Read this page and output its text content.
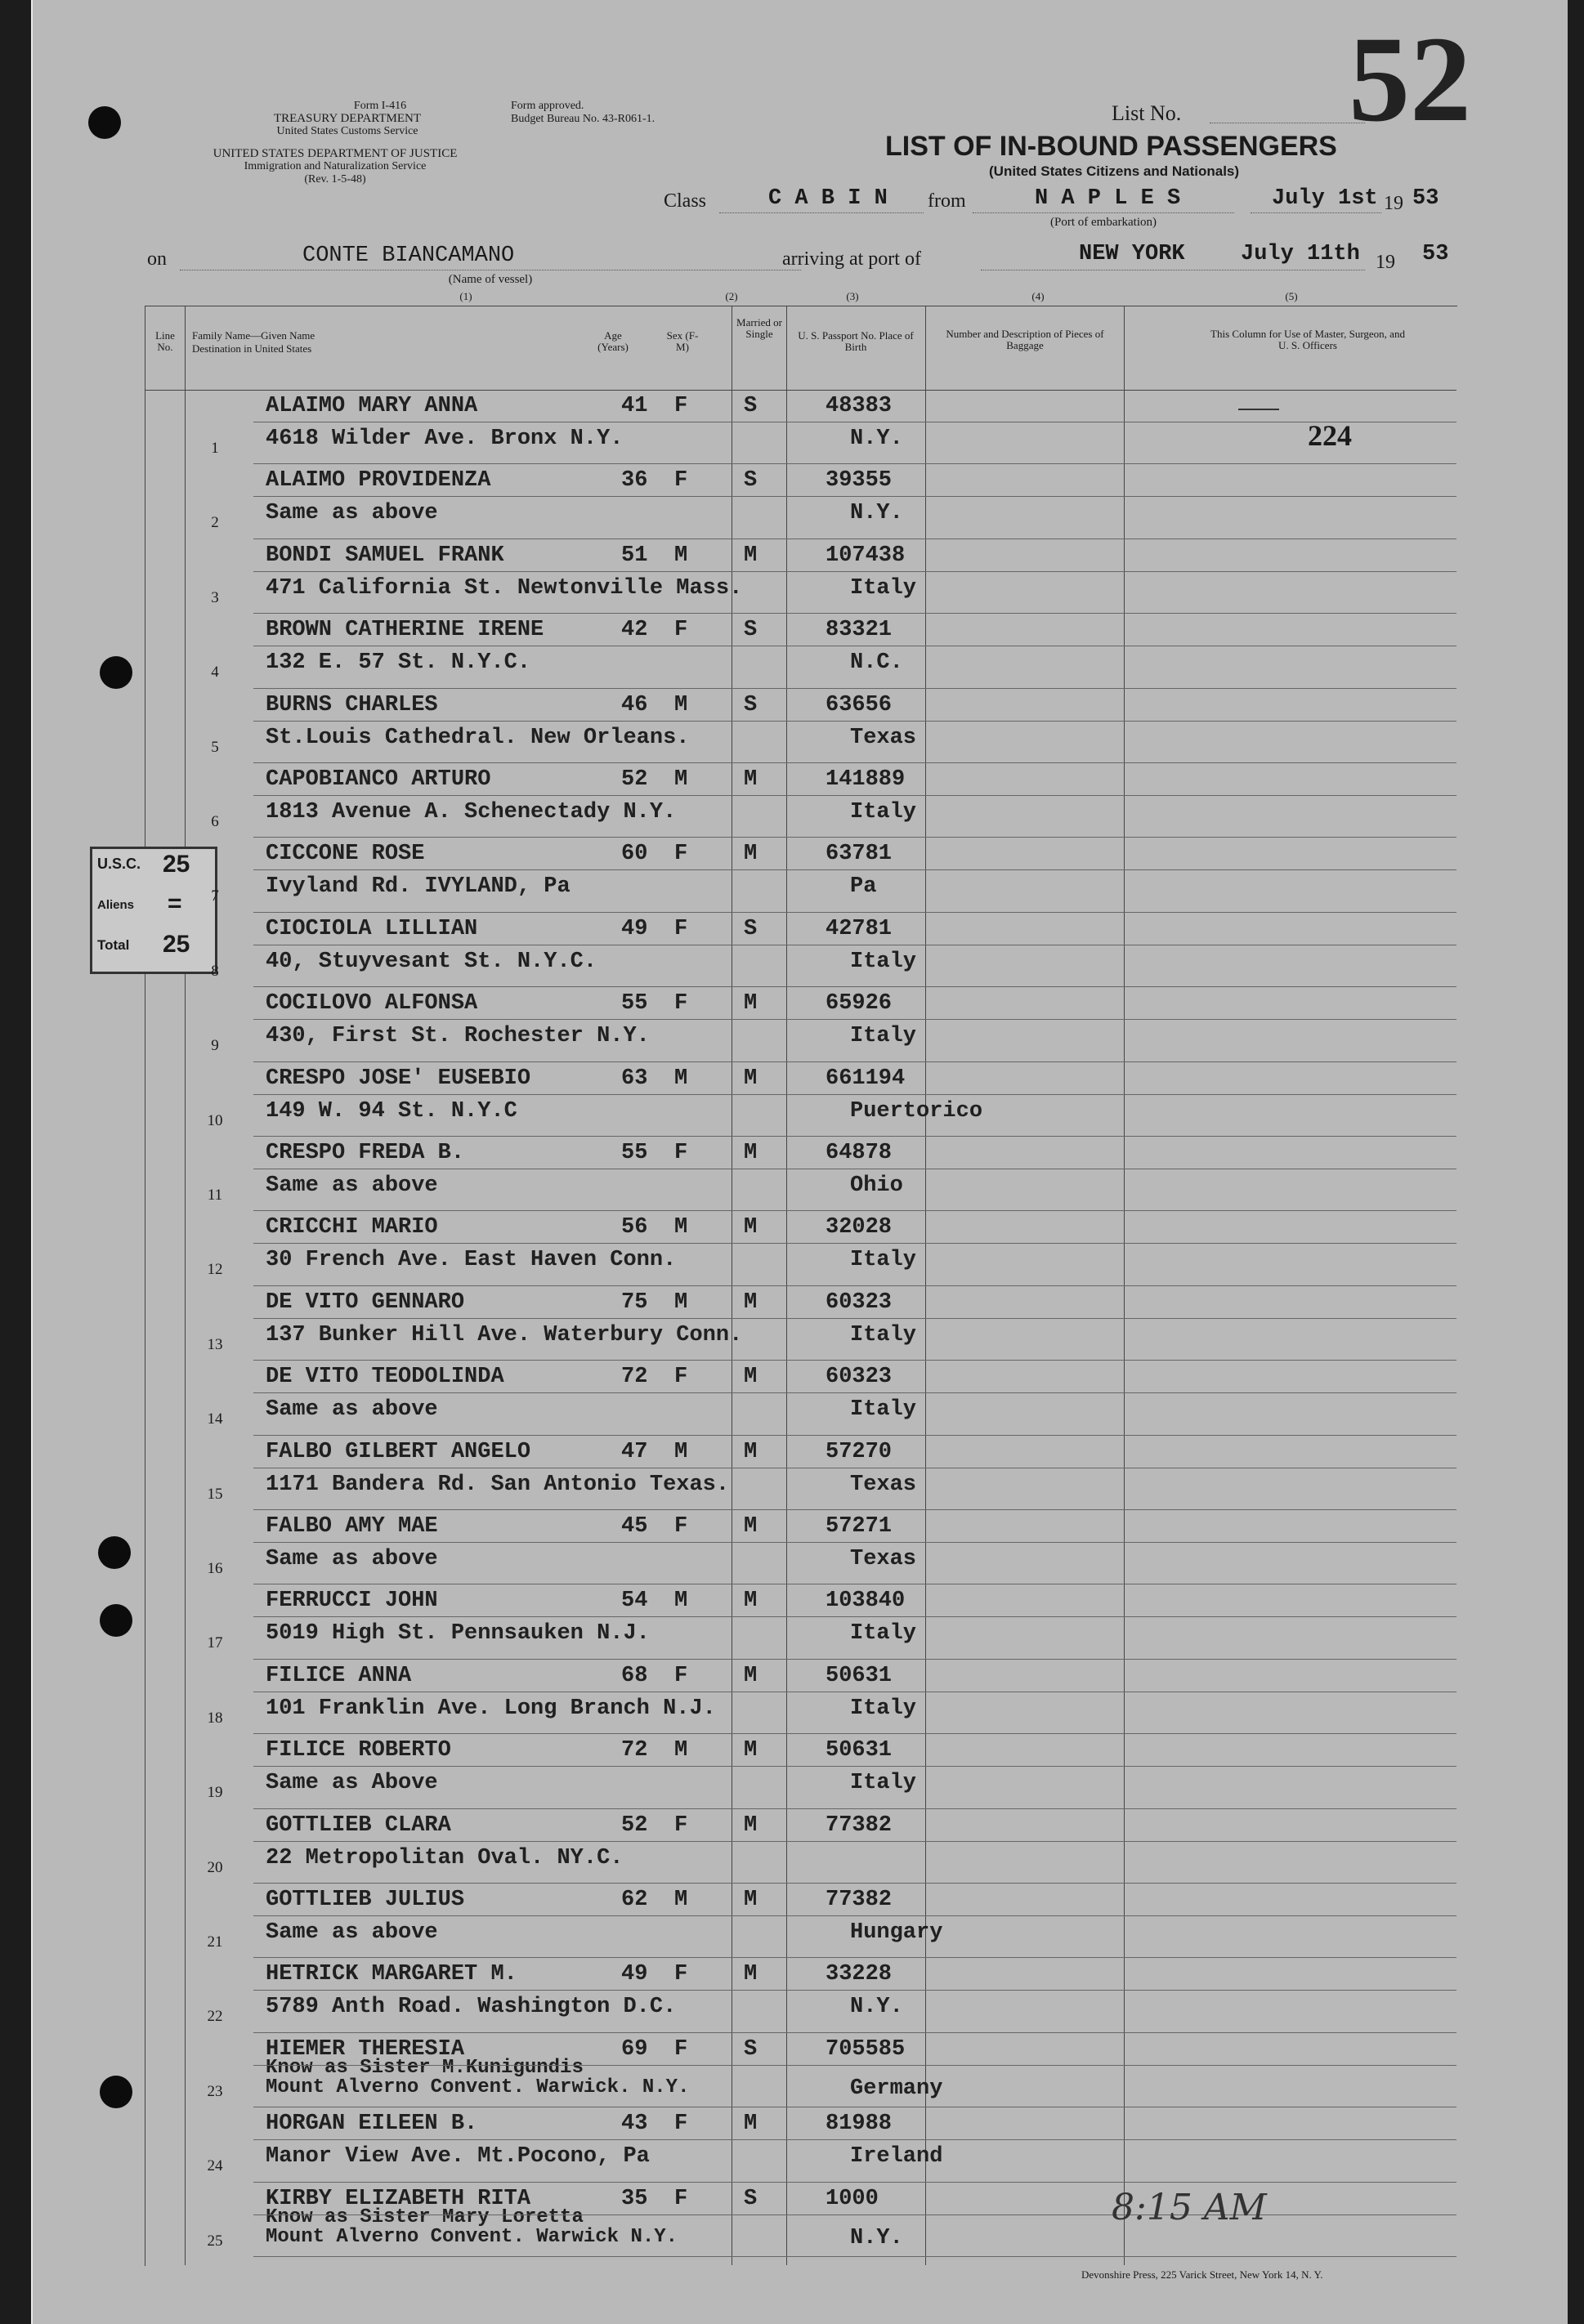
Form I-416
TREASURY DEPARTMENT
United States Customs Service
UNITED STATES DEPARTMENT OF JUSTICE
Immigration and Naturalization Service
(Rev. 1-5-48)
Form approved.
Budget Bureau No. 43-R061-1.	List No. 52
LIST OF IN-BOUND PASSENGERS
(United States Citizens and Nationals)
Class	C A B I N from	N A P L E S
(Port of embarkation)
July 1st 19 53
on	CONTE BIANCAMANO
(Name of vessel)
arriving at port of	NEW YORK	July 11th 19 53
(1)	(2)	(3)	(4)	(5)
Line No.
Family Name—Given Name
Destination in United States
Age (Years)
Sex (F-M)
Married or Single	U. S. Passport No. Place of Birth
Number and Description of Pieces of Baggage
This Column for Use of Master, Surgeon, and U. S. Officers
224
U.S.C. 25
Aliens =
Total 25
ALAIMO MARY ANNA	41 F	S	48383
4618 Wilder Ave. Bronx N.Y.	N.Y.
1
ALAIMO PROVIDENZA	36 F	S	39355
Same as above	N.Y.
2
BONDI SAMUEL FRANK	51 M	M	107438
471 California St. Newtonville Mass.	Italy
3
BROWN CATHERINE IRENE	42 F	S	83321
132 E. 57 St. N.Y.C.	N.C.
4
BURNS CHARLES	46 M	S	63656
St.Louis Cathedral. New Orleans.	Texas
5
CAPOBIANCO ARTURO	52 M	M	141889
1813 Avenue A. Schenectady N.Y.	Italy
6
CICCONE ROSE	60 F	M	63781
Ivyland Rd. IVYLAND, Pa	Pa
7
CIOCIOLA LILLIAN	49 F	S	42781
40, Stuyvesant St. N.Y.C.	Italy
8
COCILOVO ALFONSA	55 F	M	65926
430, First St. Rochester N.Y.	Italy
9
CRESPO JOSE' EUSEBIO	63 M	M	661194
149 W. 94 St. N.Y.C	Puertorico
10
CRESPO FREDA B.	55 F	M	64878
Same as above	Ohio
11
CRICCHI MARIO	56 M	M	32028
30 French Ave. East Haven Conn.	Italy
12
DE VITO GENNARO	75 M	M	60323
137 Bunker Hill Ave. Waterbury Conn.	Italy
13
DE VITO TEODOLINDA	72 F	M	60323
Same as above	Italy
14
FALBO GILBERT ANGELO	47 M	M	57270
1171 Bandera Rd. San Antonio Texas.	Texas
15
FALBO AMY MAE	45 F	M	57271
Same as above	Texas
16
FERRUCCI JOHN	54 M	M	103840
5019 High St. Pennsauken N.J.	Italy
17
FILICE ANNA	68 F	M	50631
101 Franklin Ave. Long Branch N.J.	Italy
18
FILICE ROBERTO	72 M	M	50631
Same as Above	Italy
19
GOTTLIEB CLARA	52 F	M	77382
22 Metropolitan Oval. NY.C.
20
GOTTLIEB JULIUS	62 M	M	77382
Same as above	Hungary
21
HETRICK MARGARET M.	49 F	M	33228
5789 Anth Road. Washington D.C.	N.Y.
22
HIEMER THERESIA	69 F	S	705585
Know as Sister M.Kunigundis
Mount Alverno Convent. Warwick. N.Y.	Germany
23
HORGAN EILEEN B.	43 F	M	81988
Manor View Ave. Mt.Pocono, Pa	Ireland
24
KIRBY ELIZABETH RITA	35 F	S	1000
Know as Sister Mary Loretta
Mount Alverno Convent. Warwick N.Y.	N.Y.
25
8:15 AM
Devonshire Press, 225 Varick Street, New York 14, N. Y.
